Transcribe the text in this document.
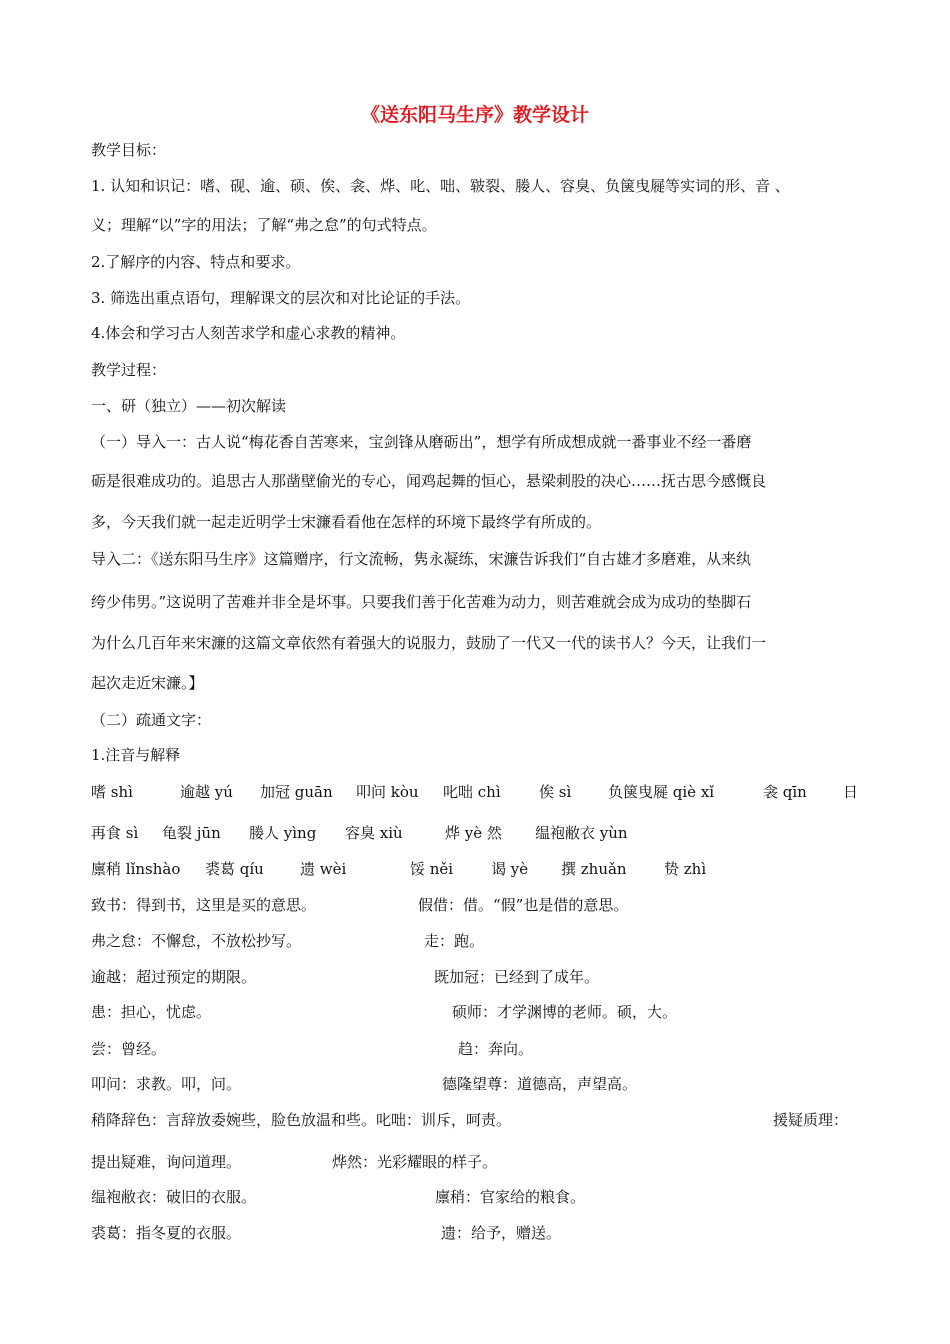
《送东阳马生序》教学设计
教学目标：
1. 认知和识记：嗜、砚、逾、硕、俟、衾、烨、叱、咄、皲裂、媵人、容臭、负箧曳屣等实词的形、音 、
义；理解“以”字的用法；了解“弗之怠”的句式特点。
2.了解序的内容、特点和要求。
3. 筛选出重点语句，理解课文的层次和对比论证的手法。
4.体会和学习古人刻苦求学和虚心求教的精神。
教学过程：
一、研（独立）——初次解读
（一）导入一：古人说“梅花香自苦寒来，宝剑锋从磨砺出”，想学有所成想成就一番事业不经一番磨
砺是很难成功的。追思古人那凿壁偷光的专心，闻鸡起舞的恒心，悬梁刺股的决心……抚古思今感慨良
多，今天我们就一起走近明学士宋濂看看他在怎样的环境下最终学有所成的。
导入二：《送东阳马生序》这篇赠序，行文流畅，隽永凝练，宋濂告诉我们“自古雄才多磨难，从来纨
绔少伟男。”这说明了苦难并非全是坏事。只要我们善于化苦难为动力，则苦难就会成为成功的垫脚石
为什么几百年来宋濂的这篇文章依然有着强大的说服力，鼓励了一代又一代的读书人？今天，让我们一
起次走近宋濂。】
（二）疏通文字：
1.注音与解释
嗜 shì	逾越 yú 加冠 guān 叩问 kòu 叱咄 chì	俟 sì 负箧曳屣 qiè xǐ	衾 qīn 日
再食 sì 龟裂 jūn 媵人 yìng 容臭 xiù	烨 yè 然 缊袍敝衣 yùn
廪稍 lǐnshào 裘葛 qíu 遗 wèi	馁 něi	谒 yè 撰 zhuǎn 贽 zhì
致书：得到书，这里是买的意思。	假借：借。“假”也是借的意思。
弗之怠：不懈怠，不放松抄写。	走：跑。
逾越：超过预定的期限。	既加冠：已经到了成年。
患：担心，忧虑。	硕师：才学渊博的老师。硕，大。
尝：曾经。	趋：奔向。
叩问：求教。叩，问。	德隆望尊：道德高，声望高。
稍降辞色：言辞放委婉些，脸色放温和些。叱咄：训斥，呵责。	援疑质理：
提出疑难，询问道理。	烨然：光彩耀眼的样子。
缊袍敝衣：破旧的衣服。	廪稍：官家给的粮食。
裘葛：指冬夏的衣服。	遗：给予，赠送。
